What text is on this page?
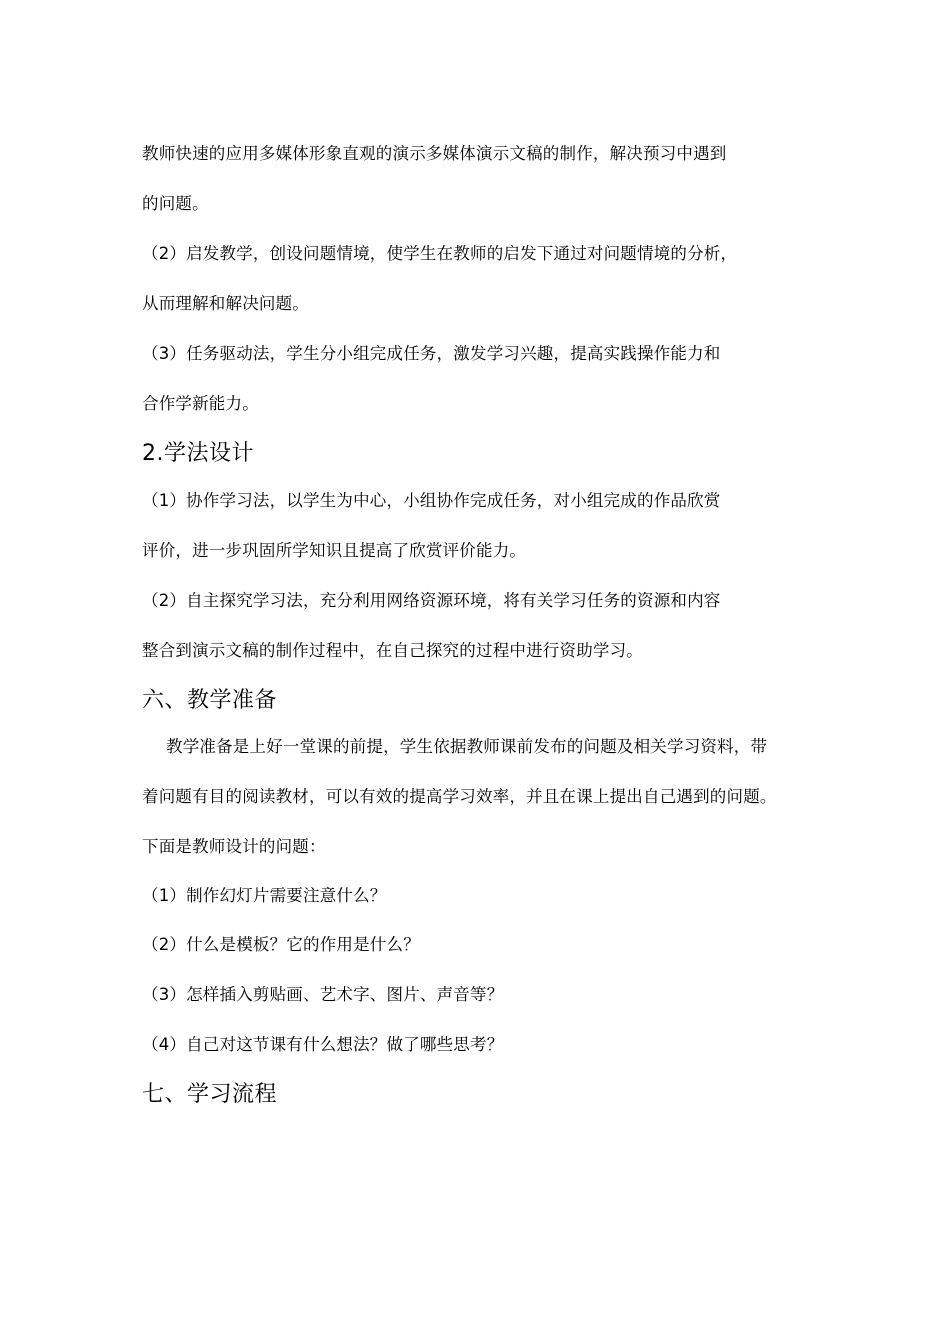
教师快速的应用多媒体形象直观的演示多媒体演示文稿的制作，解决预习中遇到
的问题。
（2）启发教学，创设问题情境，使学生在教师的启发下通过对问题情境的分析，
从而理解和解决问题。
（3）任务驱动法，学生分小组完成任务，激发学习兴趣，提高实践操作能力和
合作学新能力。
2.学法设计
（1）协作学习法，以学生为中心，小组协作完成任务，对小组完成的作品欣赏
评价，进一步巩固所学知识且提高了欣赏评价能力。
（2）自主探究学习法，充分利用网络资源环境，将有关学习任务的资源和内容
整合到演示文稿的制作过程中，在自己探究的过程中进行资助学习。
六、教学准备
教学准备是上好一堂课的前提，学生依据教师课前发布的问题及相关学习资料，带
着问题有目的阅读教材，可以有效的提高学习效率，并且在课上提出自己遇到的问题。
下面是教师设计的问题：
（1）制作幻灯片需要注意什么？
（2）什么是模板？它的作用是什么？
（3）怎样插入剪贴画、艺术字、图片、声音等？
（4）自己对这节课有什么想法？做了哪些思考？
七、学习流程
